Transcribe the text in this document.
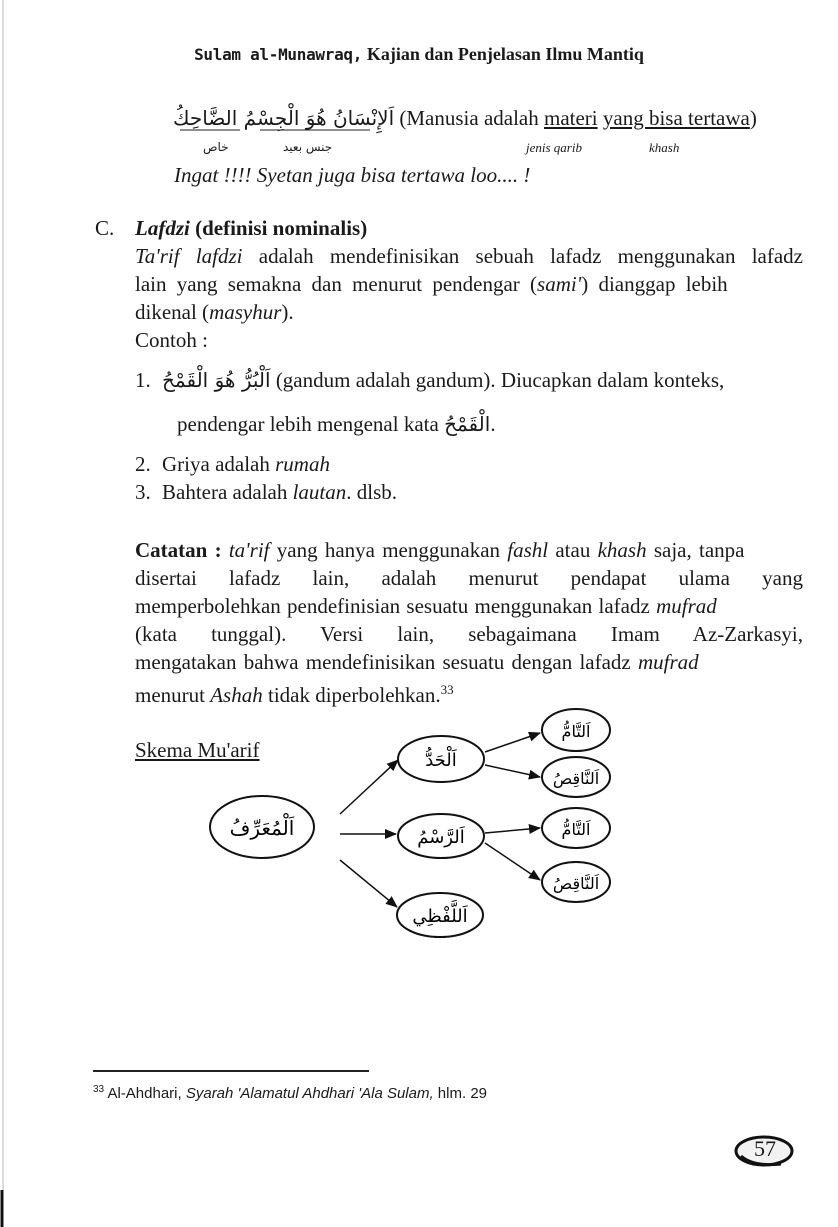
Sulam al-Munawraq, Kajian dan Penjelasan Ilmu Mantiq
اَلإِنْسَانُ هُوَ الْجِسْمُ الضَّاحِكُ (Manusia adalah materi yang bisa tertawa)
خاص	جنس بعيد	jenis qarib	khash
Ingat !!!! Syetan juga bisa tertawa loo.... !
C. Lafdzi (definisi nominalis)
Ta'rif lafdzi adalah mendefinisikan sebuah lafadz menggunakan lafadz
lain yang semakna dan menurut pendengar (sami') dianggap lebih
dikenal (masyhur).
Contoh :
1. اَلْبُرُّ هُوَ الْقَمْحُ (gandum adalah gandum). Diucapkan dalam konteks,
pendengar lebih mengenal kata الْقَمْحُ.
2. Griya adalah rumah
3. Bahtera adalah lautan. dlsb.
Catatan : ta'rif yang hanya menggunakan fashl atau khash saja, tanpa
disertai lafadz lain, adalah menurut pendapat ulama yang
memperbolehkan pendefinisian sesuatu menggunakan lafadz mufrad
(kata tunggal). Versi lain, sebagaimana Imam Az-Zarkasyi,
mengatakan bahwa mendefinisikan sesuatu dengan lafadz mufrad
menurut Ashah tidak diperbolehkan.$^{33}$
Skema Mu'arif
اَلْمُعَرِّفُ
اَلْحَدُّ
اَلرَّسْمُ
اَللَّفْظِي
اَلتَّامُّ
اَلنَّاقِصُ
اَلتَّامُّ
اَلنَّاقِصُ
$^{33}$ Al-Ahdhari, Syarah 'Alamatul Ahdhari 'Ala Sulam, hlm. 29
57
